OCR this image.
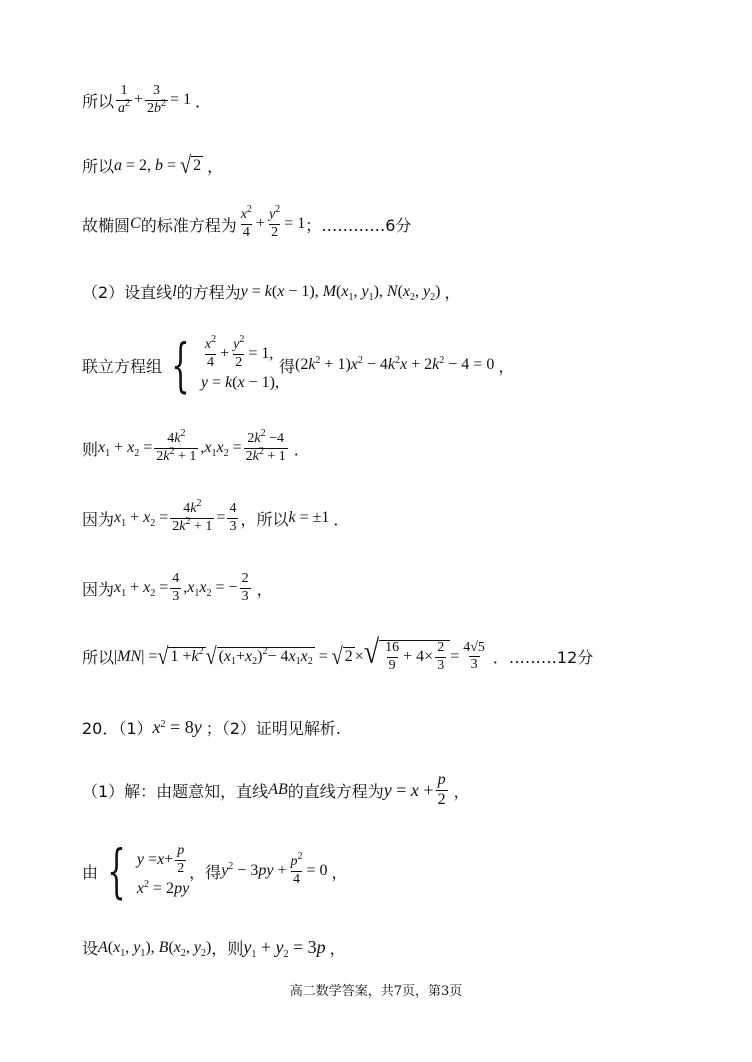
所以 $\frac{1}{a^2} + \frac{3}{2b^2} = 1$ ．
所以 a = 2, b = √ 2 ，
故椭圆 C 的标准方程为 $\frac{x^2}{4} + \frac{y^2}{2} = 1$ ；…………6分
（2）设直线 l 的方程为 y = k(x − 1), $M(x_1$, $y_1$), $N(x_2$, $y_2$) ，
联立方程组 { $\frac{x^2}{4} + \frac{y^2}{2} = 1$,
y = k(x − 1),
得 $(2k^2 + 1)x^2 - 4k^2x + 2k^2 - 4 = 0$ ，
则 $x_1 + x_2 = \frac{4k^2}{2k^2 + 1} ,x_1x_2 = \frac{2k^2 -4}{2k^2 + 1}$ ．
因为 $x_1 + x_2 = \frac{4k^2}{2k^2 + 1} = \frac{4}{3}$ ，所以 k = ±1 ．
因为 $x_1 + x_2 = \frac{4}{3} ,x_1x_2$ = − $\frac{2}{3}$ ，
所以 |MN| = √ 1 + k 2 √ ( x 1 + x 2 ) 2 − 4 x 1 x 2 = √ 2 × √ $\frac{16}{9} + 4\times \frac{2}{3} = \frac{4√5}{3}$ ．………12分
20．（1） $x^2 = 8y$ ；（2）证明见解析.
（1）解：由题意知，直线 AB 的直线方程为 $y = x + \frac{p}{2}$ ，
由 { $y = x + \frac{p}{2}$
$x^2 = 2py$
，得 $y^2 - 3py + \frac{p^2}{4} = 0$ ，
设 $A(x_1$, $y_1$), $B(x_2$, $y_2$) ，则 $y_1 + y_2 = 3p$ ，
高二数学答案，共7页，第3页
